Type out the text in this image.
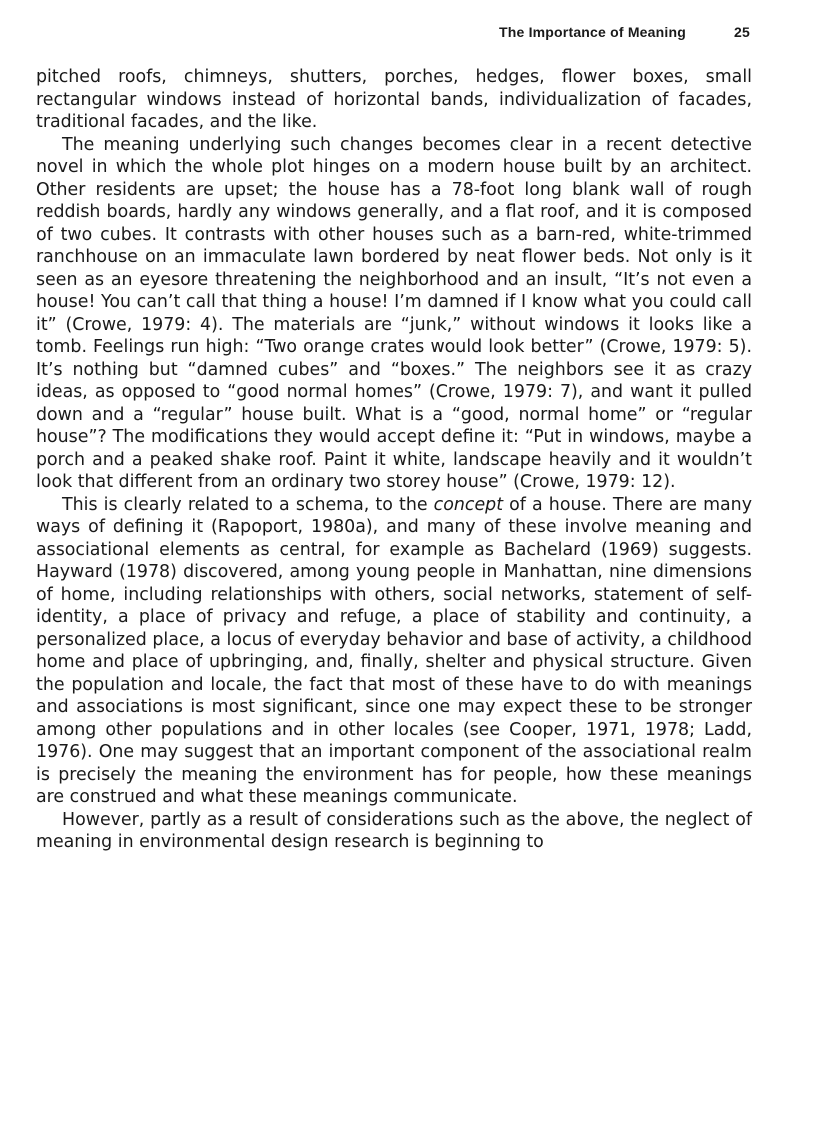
The Importance of Meaning	25

pitched roofs, chimneys, shutters, porches, hedges, flower boxes, small rectangular windows instead of horizontal bands, individualization of facades, traditional facades, and the like.

The meaning underlying such changes becomes clear in a recent detective novel in which the whole plot hinges on a modern house built by an architect. Other residents are upset; the house has a 78-foot long blank wall of rough reddish boards, hardly any windows generally, and a flat roof, and it is composed of two cubes. It contrasts with other houses such as a barn-red, white-trimmed ranchhouse on an immaculate lawn bordered by neat flower beds. Not only is it seen as an eyesore threatening the neighborhood and an insult, “It’s not even a house! You can’t call that thing a house! I’m damned if I know what you could call it” (Crowe, 1979: 4). The materials are “junk,” without windows it looks like a tomb. Feelings run high: “Two orange crates would look better” (Crowe, 1979: 5). It’s nothing but “damned cubes” and “boxes.” The neighbors see it as crazy ideas, as opposed to “good normal homes” (Crowe, 1979: 7), and want it pulled down and a “regular” house built. What is a “good, normal home” or “regular house”? The modifications they would accept define it: “Put in windows, maybe a porch and a peaked shake roof. Paint it white, landscape heavily and it wouldn’t look that different from an ordinary two storey house” (Crowe, 1979: 12).

This is clearly related to a schema, to the concept of a house. There are many ways of defining it (Rapoport, 1980a), and many of these involve meaning and associational elements as central, for example as Bachelard (1969) suggests. Hayward (1978) discovered, among young people in Manhattan, nine dimensions of home, including relationships with others, social networks, statement of self-identity, a place of privacy and refuge, a place of stability and continuity, a personalized place, a locus of everyday behavior and base of activity, a childhood home and place of upbringing, and, finally, shelter and physical structure. Given the population and locale, the fact that most of these have to do with meanings and associations is most significant, since one may expect these to be stronger among other populations and in other locales (see Cooper, 1971, 1978; Ladd, 1976). One may suggest that an important component of the associational realm is precisely the meaning the environment has for people, how these meanings are construed and what these meanings communicate.

However, partly as a result of considerations such as the above, the neglect of meaning in environmental design research is beginning to
